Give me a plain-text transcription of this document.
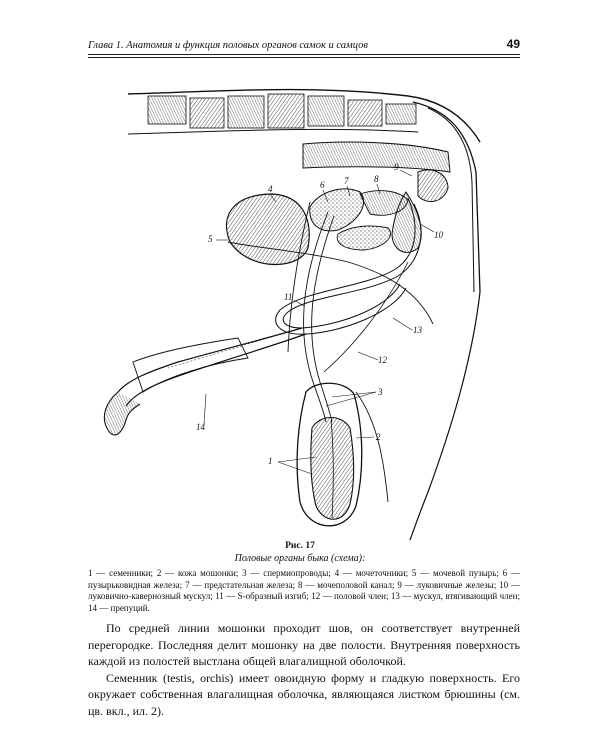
Глава 1. Анатомия и функция половых органов самок и самцов	49
1
2
3
4
5
6 7	8
9
10
11
12
13
14
Рис. 17
Половые органы быка (схема):
1 — семенники; 2 — кожа мошонки; 3 — спермиопроводы; 4 — мочеточники; 5 — мочевой пузырь; 6 — пузырьковидная железа; 7 — предстательная железа; 8 — мочеполовой канал; 9 — луковичные железы; 10 — луковично-кавернозный мускул; 11 — S-образный изгиб; 12 — половой член; 13 — мускул, втягивающий член; 14 — препуций.

По средней линии мошонки проходит шов, он соответствует внутренней перегородке. Последняя делит мошонку на две полости. Внутренняя поверхность каждой из полостей выстлана общей влагалищной оболочкой.

Семенник (testis, orchis) имеет овоидную форму и гладкую поверхность. Его окружает собственная влагалищная оболочка, являющаяся листком брюшины (см. цв. вкл., ил. 2).
